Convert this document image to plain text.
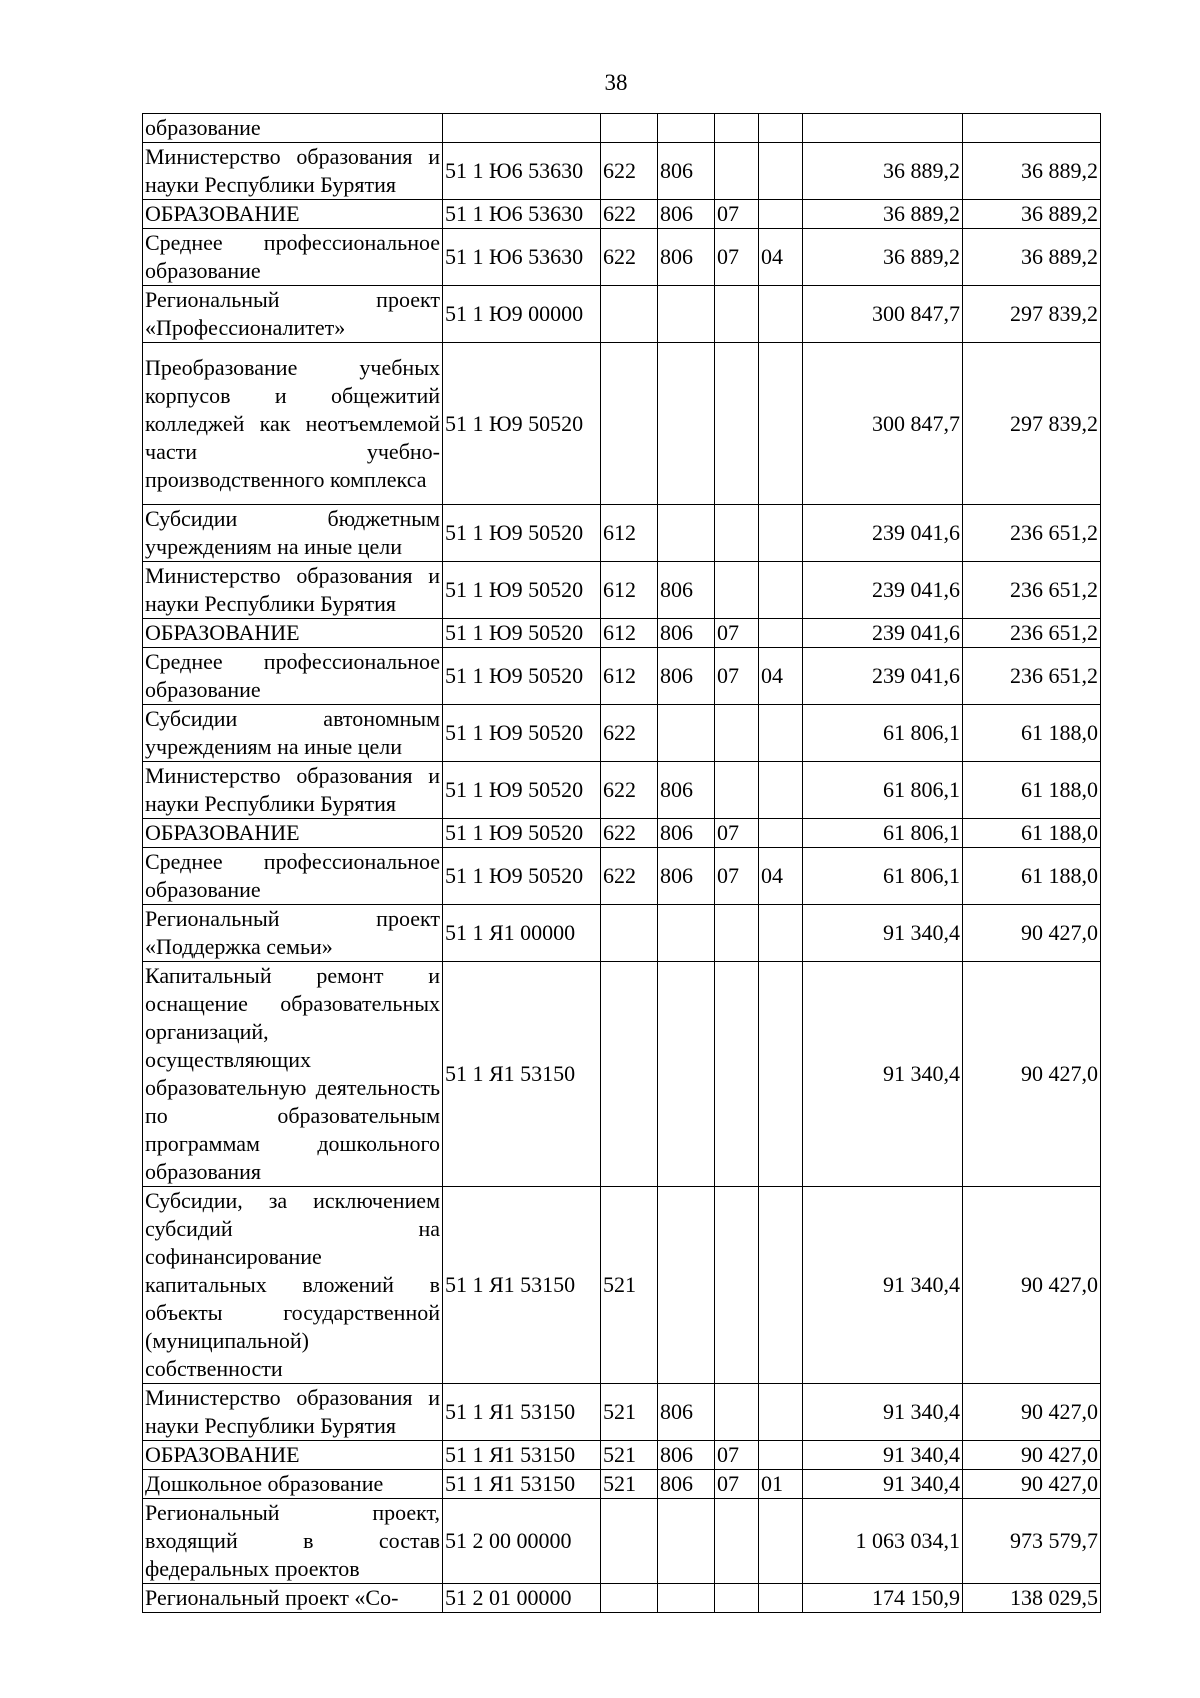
38
образование							
Министерство образования и науки Республики Бурятия	51 1 Ю6 53630	622	806			36 889,2	36 889,2
ОБРАЗОВАНИЕ	51 1 Ю6 53630	622	806	07		36 889,2	36 889,2
Среднее профессиональное образование	51 1 Ю6 53630	622	806	07	04	36 889,2	36 889,2
Региональный проект «Профессионалитет»	51 1 Ю9 00000					300 847,7	297 839,2
Преобразование учебных корпусов и общежитий колледжей как неотъемлемой части учебно-производственного комплекса	51 1 Ю9 50520					300 847,7	297 839,2
Субсидии бюджетным учреждениям на иные цели	51 1 Ю9 50520	612				239 041,6	236 651,2
Министерство образования и науки Республики Бурятия	51 1 Ю9 50520	612	806			239 041,6	236 651,2
ОБРАЗОВАНИЕ	51 1 Ю9 50520	612	806	07		239 041,6	236 651,2
Среднее профессиональное образование	51 1 Ю9 50520	612	806	07	04	239 041,6	236 651,2
Субсидии автономным учреждениям на иные цели	51 1 Ю9 50520	622				61 806,1	61 188,0
Министерство образования и науки Республики Бурятия	51 1 Ю9 50520	622	806			61 806,1	61 188,0
ОБРАЗОВАНИЕ	51 1 Ю9 50520	622	806	07		61 806,1	61 188,0
Среднее профессиональное образование	51 1 Ю9 50520	622	806	07	04	61 806,1	61 188,0
Региональный проект «Поддержка семьи»	51 1 Я1 00000					91 340,4	90 427,0
Капитальный ремонт и оснащение образовательных организаций, осуществляющих образовательную деятельность по образовательным программам дошкольного образования	51 1 Я1 53150					91 340,4	90 427,0
Субсидии, за исключением субсидий на софинансирование капитальных вложений в объекты государственной (муниципальной) собственности	51 1 Я1 53150	521				91 340,4	90 427,0
Министерство образования и науки Республики Бурятия	51 1 Я1 53150	521	806			91 340,4	90 427,0
ОБРАЗОВАНИЕ	51 1 Я1 53150	521	806	07		91 340,4	90 427,0
Дошкольное образование	51 1 Я1 53150	521	806	07	01	91 340,4	90 427,0
Региональный проект, входящий в состав федеральных проектов	51 2 00 00000					1 063 034,1	973 579,7
Региональный проект «Со-	51 2 01 00000					174 150,9	138 029,5
